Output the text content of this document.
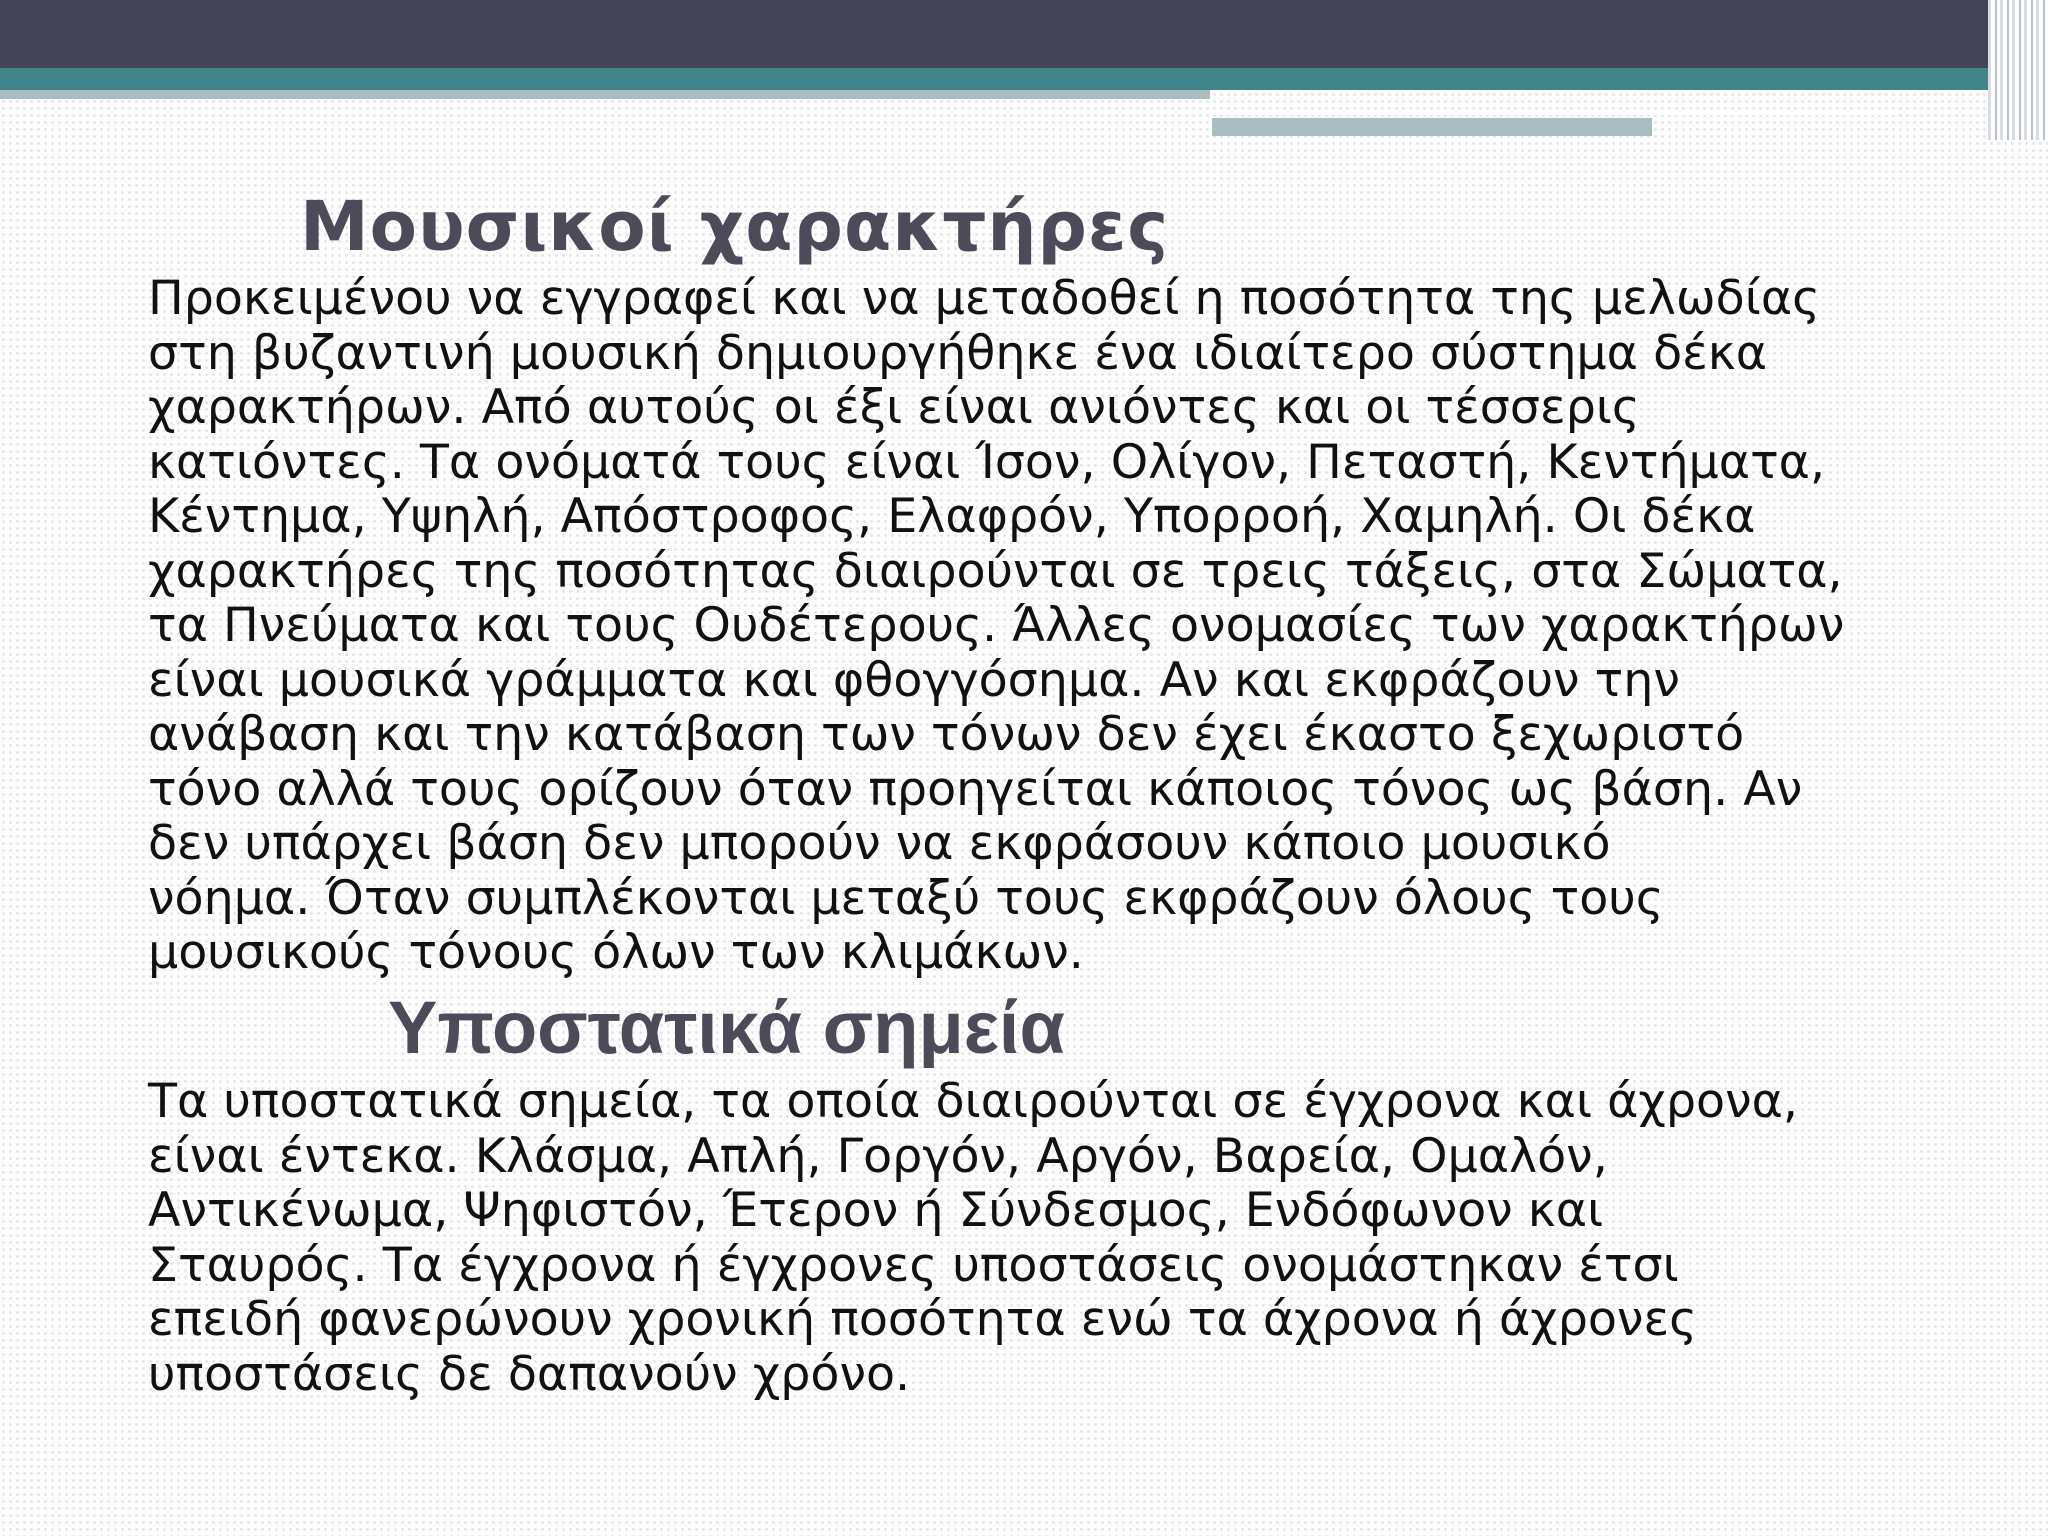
Μουσικοί χαρακτήρες

Προκειμένου να εγγραφεί και να μεταδοθεί η ποσότητα της μελωδίας
στη βυζαντινή μουσική δημιουργήθηκε ένα ιδιαίτερο σύστημα δέκα
χαρακτήρων. Από αυτούς οι έξι είναι ανιόντες και οι τέσσερις
κατιόντες. Τα ονόματά τους είναι Ίσον, Ολίγον, Πεταστή, Κεντήματα,
Κέντημα, Υψηλή, Απόστροφος, Ελαφρόν, Υπορροή, Χαμηλή. Οι δέκα
χαρακτήρες της ποσότητας διαιρούνται σε τρεις τάξεις, στα Σώματα,
τα Πνεύματα και τους Ουδέτερους. Άλλες ονομασίες των χαρακτήρων
είναι μουσικά γράμματα και φθογγόσημα. Αν και εκφράζουν την
ανάβαση και την κατάβαση των τόνων δεν έχει έκαστο ξεχωριστό
τόνο αλλά τους ορίζουν όταν προηγείται κάποιος τόνος ως βάση. Αν
δεν υπάρχει βάση δεν μπορούν να εκφράσουν κάποιο μουσικό
νόημα. Όταν συμπλέκονται μεταξύ τους εκφράζουν όλους τους
μουσικούς τόνους όλων των κλιμάκων.

Υποστατικά σημεία

Τα υποστατικά σημεία, τα οποία διαιρούνται σε έγχρονα και άχρονα,
είναι έντεκα. Κλάσμα, Απλή, Γοργόν, Αργόν, Βαρεία, Ομαλόν,
Αντικένωμα, Ψηφιστόν, Έτερον ή Σύνδεσμος, Ενδόφωνον και
Σταυρός. Τα έγχρονα ή έγχρονες υποστάσεις ονομάστηκαν έτσι
επειδή φανερώνουν χρονική ποσότητα ενώ τα άχρονα ή άχρονες
υποστάσεις δε δαπανούν χρόνο.
